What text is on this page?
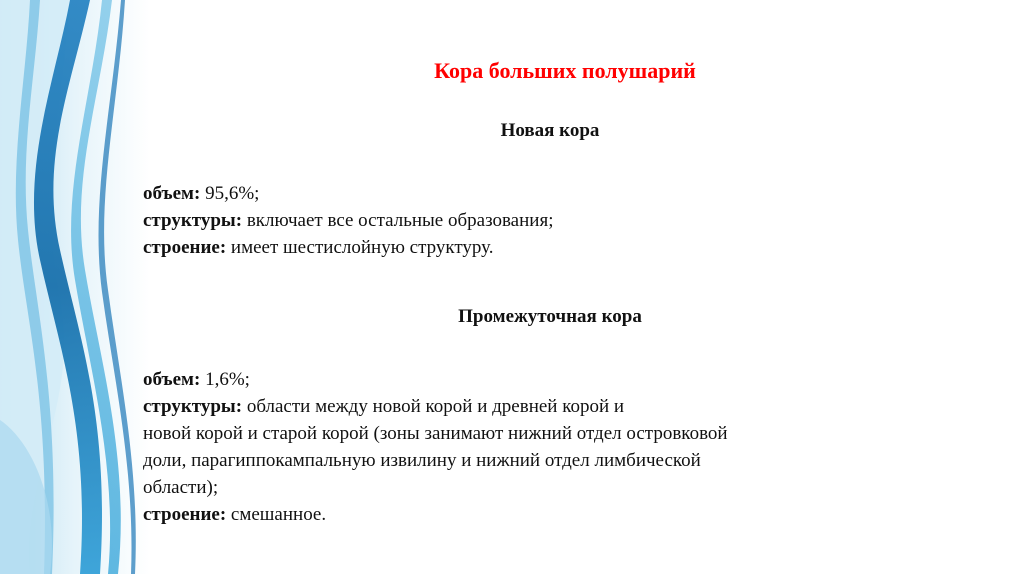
Кора больших полушарий
Новая кора
объем: 95,6%;
структуры: включает все остальные образования;
строение: имеет шестислойную структуру.
Промежуточная кора
объем: 1,6%;
структуры: области между новой корой и древней корой и
новой корой и старой корой (зоны занимают нижний отдел островковой
доли, парагиппокампальную извилину и нижний отдел лимбической
области);
строение: смешанное.
